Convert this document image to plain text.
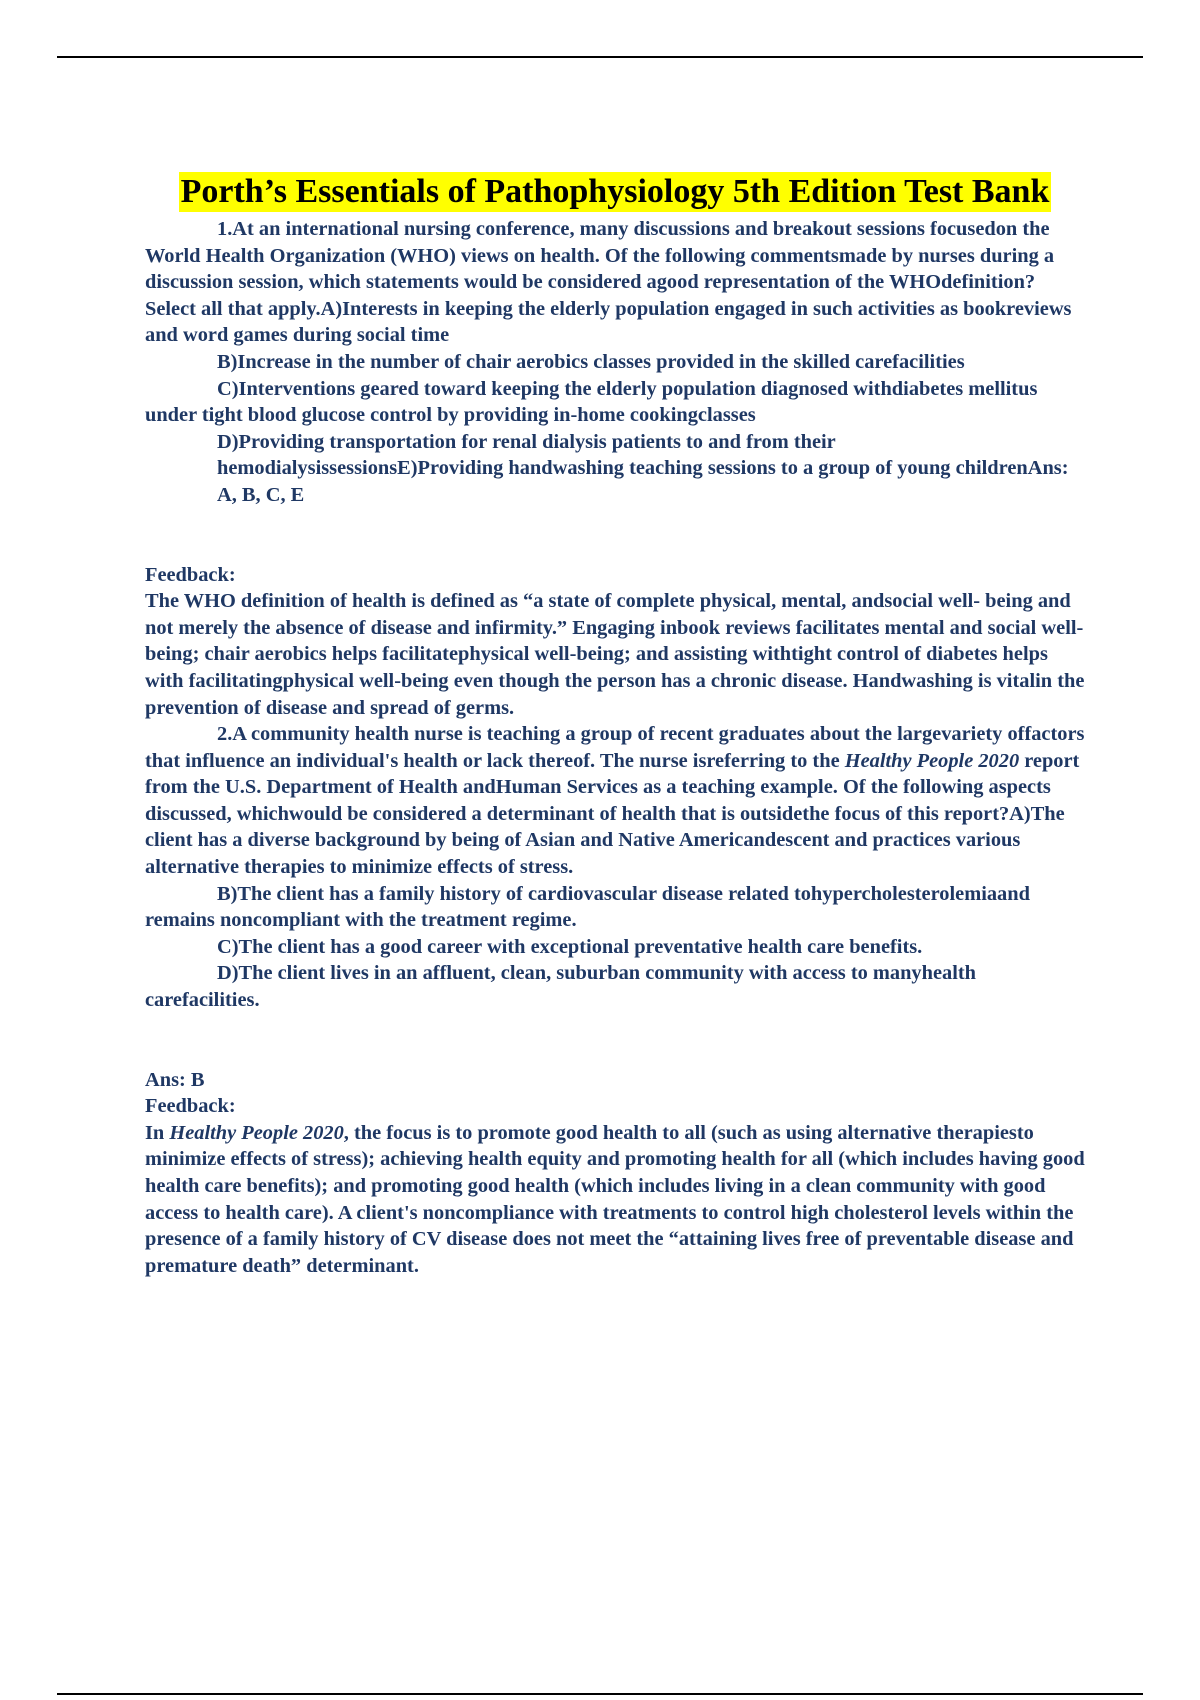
Porth’s Essentials of Pathophysiology 5th Edition Test Bank

1.At an international nursing conference, many discussions and breakout sessions focusedon the World Health Organization (WHO) views on health. Of the following commentsmade by nurses during a discussion session, which statements would be considered agood representation of the WHOdefinition? Select all that apply.A)Interests in keeping the elderly population engaged in such activities as bookreviews and word games during social time

B)Increase in the number of chair aerobics classes provided in the skilled carefacilities

C)Interventions geared toward keeping the elderly population diagnosed withdiabetes mellitus under tight blood glucose control by providing in-home cookingclasses

D)Providing transportation for renal dialysis patients to and from their hemodialysissessionsE)Providing handwashing teaching sessions to a group of young childrenAns: A, B, C, E

Feedback:

The WHO definition of health is defined as “a state of complete physical, mental, andsocial well- being and not merely the absence of disease and infirmity.” Engaging inbook reviews facilitates mental and social well-being; chair aerobics helps facilitatephysical well-being; and assisting withtight control of diabetes helps with facilitatingphysical well-being even though the person has a chronic disease. Handwashing is vitalin the prevention of disease and spread of germs.

2.A community health nurse is teaching a group of recent graduates about the largevariety offactors that influence an individual's health or lack thereof. The nurse isreferring to the Healthy People 2020 report from the U.S. Department of Health andHuman Services as a teaching example. Of the following aspects discussed, whichwould be considered a determinant of health that is outsidethe focus of this report?A)The client has a diverse background by being of Asian and Native Americandescent and practices various alternative therapies to minimize effects of stress.

B)The client has a family history of cardiovascular disease related tohypercholesterolemiaand remains noncompliant with the treatment regime.

C)The client has a good career with exceptional preventative health care benefits.

D)The client lives in an affluent, clean, suburban community with access to manyhealth carefacilities.

Ans: B

Feedback:

In Healthy People 2020, the focus is to promote good health to all (such as using alternative therapiesto minimize effects of stress); achieving health equity and promoting health for all (which includes having good health care benefits); and promoting good health (which includes living in a clean community with good access to health care). A client's noncompliance with treatments to control high cholesterol levels within the presence of a family history of CV disease does not meet the “attaining lives free of preventable disease and premature death” determinant.
